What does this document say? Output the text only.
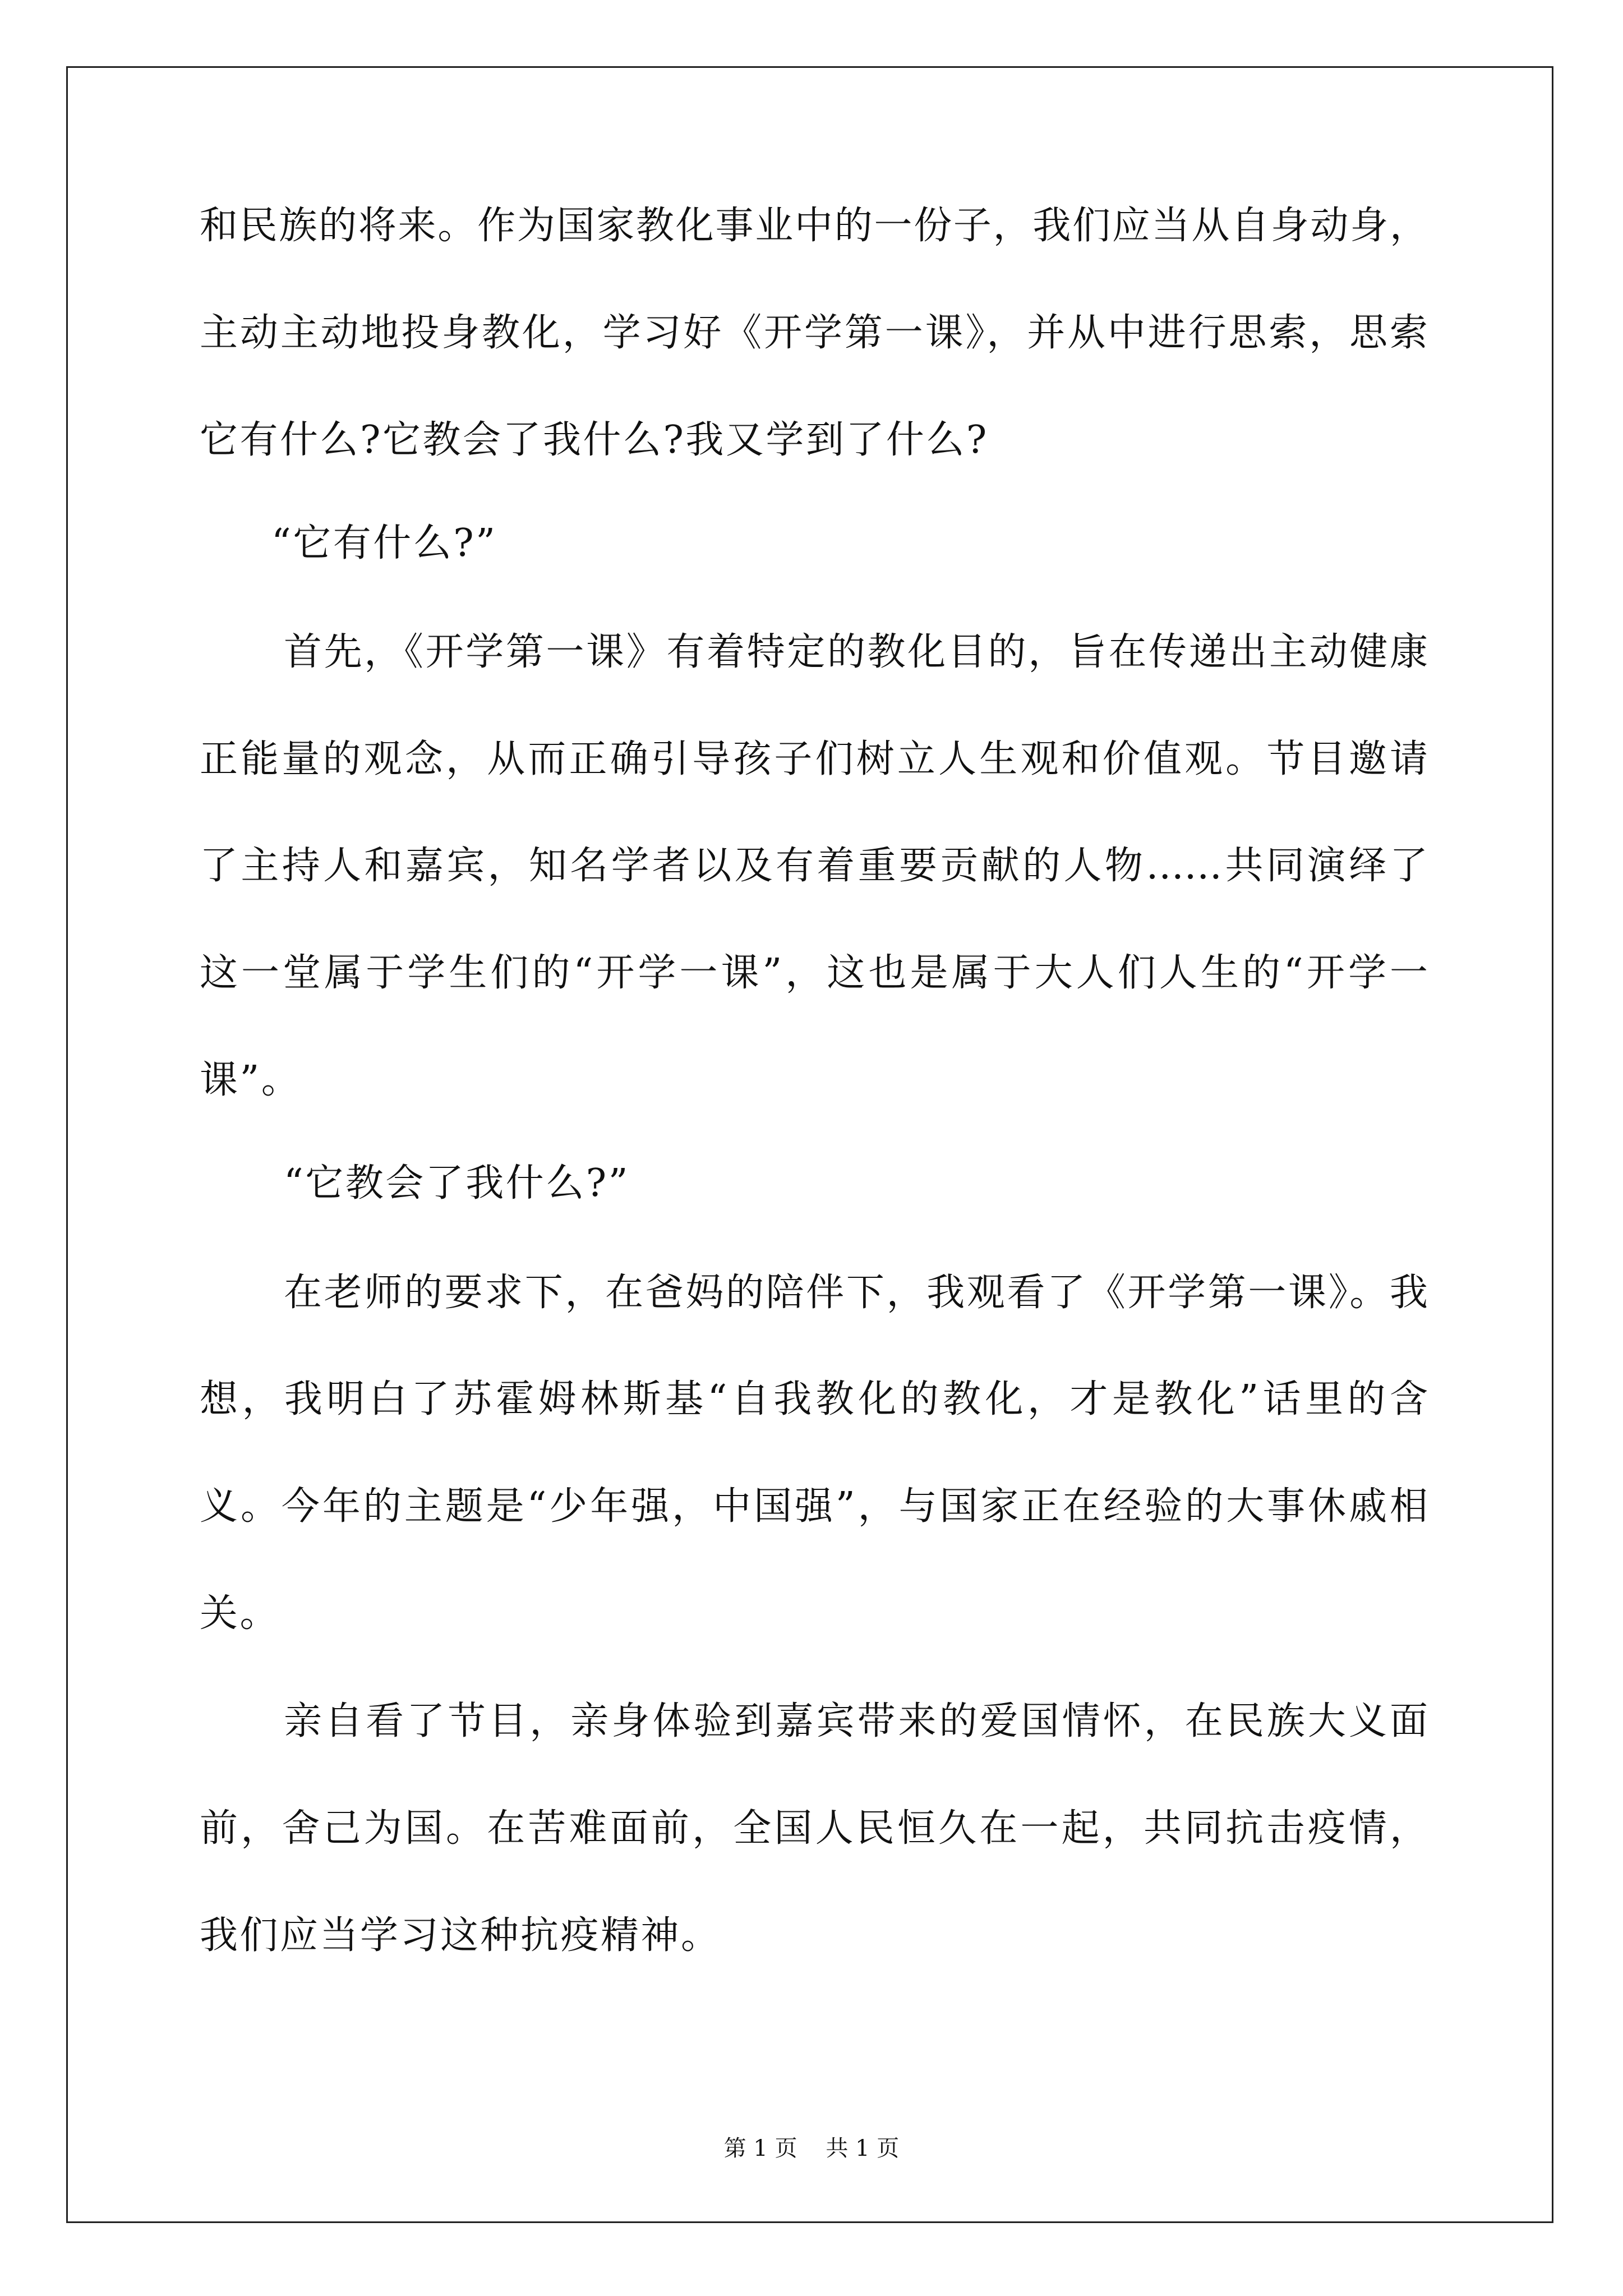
和民族的将来。作为国家教化事业中的一份子，我们应当从自身动身，
主动主动地投身教化，学习好《开学第一课》，并从中进行思索，思索
它有什么?它教会了我什么?我又学到了什么?
“它有什么?”
首先，《开学第一课》有着特定的教化目的，旨在传递出主动健康
正能量的观念，从而正确引导孩子们树立人生观和价值观。节目邀请
了主持人和嘉宾，知名学者以及有着重要贡献的人物……共同演绎了
这一堂属于学生们的“开学一课”，这也是属于大人们人生的“开学一
课”。
“它教会了我什么?”
在老师的要求下，在爸妈的陪伴下，我观看了《开学第一课》。我
想，我明白了苏霍姆林斯基“自我教化的教化，才是教化”话里的含
义。今年的主题是“少年强，中国强”，与国家正在经验的大事休戚相
关。
亲自看了节目，亲身体验到嘉宾带来的爱国情怀，在民族大义面
前，舍己为国。在苦难面前，全国人民恒久在一起，共同抗击疫情，
我们应当学习这种抗疫精神。
第 1 页    共 1 页
